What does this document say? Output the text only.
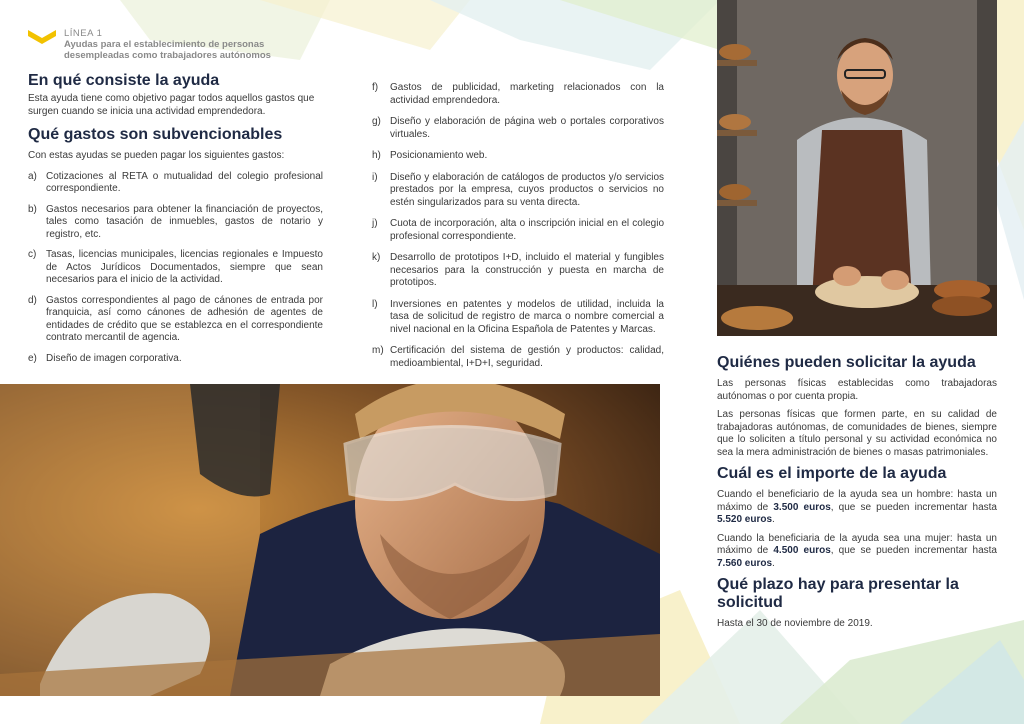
LÍNEA 1
Ayudas para el establecimiento de personas desempleadas como trabajadores autónomos
En qué consiste la ayuda

Esta ayuda tiene como objetivo pagar todos aquellos gastos que surgen cuando se inicia una actividad emprendedora.

Qué gastos son subvencionables

Con estas ayudas se pueden pagar los siguientes gastos:

a) Cotizaciones al RETA o mutualidad del colegio profesional correspondiente.
b) Gastos necesarios para obtener la financiación de proyectos, tales como tasación de inmuebles, gastos de notario y registro, etc.
c) Tasas, licencias municipales, licencias regionales e Impuesto de Actos Jurídicos Documentados, siempre que sean necesarios para el inicio de la actividad.
d) Gastos correspondientes al pago de cánones de entrada por franquicia, así como cánones de adhesión de agentes de entidades de crédito que se establezca en el correspondiente contrato mercantil de agencia.
e) Diseño de imagen corporativa.
f) Gastos de publicidad, marketing relacionados con la actividad emprendedora.
g) Diseño y elaboración de página web o portales corporativos virtuales.
h) Posicionamiento web.
i) Diseño y elaboración de catálogos de productos y/o servicios prestados por la empresa, cuyos productos o servicios no estén singularizados para su venta directa.
j) Cuota de incorporación, alta o inscripción inicial en el colegio profesional correspondiente.
k) Desarrollo de prototipos I+D, incluido el material y fungibles necesarios para la construcción y puesta en marcha de prototipos.
l) Inversiones en patentes y modelos de utilidad, incluida la tasa de solicitud de registro de marca o nombre comercial a nivel nacional en la Oficina Española de Patentes y Marcas.
m) Certificación del sistema de gestión y productos: calidad, medioambiental, I+D+I, seguridad.	Quiénes pueden solicitar la ayuda

Las personas físicas establecidas como trabajadoras autónomas o por cuenta propia.

Las personas físicas que formen parte, en su calidad de trabajadoras autónomas, de comunidades de bienes, siempre que lo soliciten a título personal y su actividad económica no sea la mera administración de bienes o masas patrimoniales.

Cuál es el importe de la ayuda

Cuando el beneficiario de la ayuda sea un hombre: hasta un máximo de 3.500 euros, que se pueden incrementar hasta 5.520 euros.

Cuando la beneficiaria de la ayuda sea una mujer: hasta un máximo de 4.500 euros, que se pueden incrementar hasta 7.560 euros.

Qué plazo hay para presentar la solicitud

Hasta el 30 de noviembre de 2019.
